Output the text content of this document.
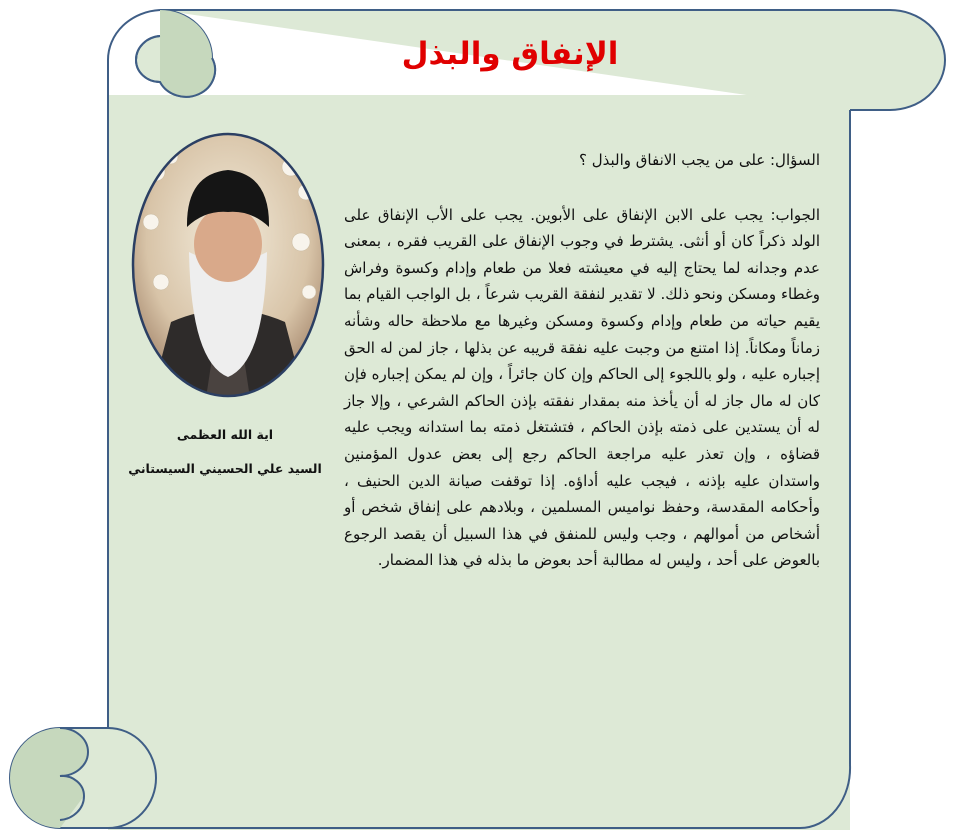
الإنفاق والبذل
اية الله العظمى
السيد علي الحسيني السيستاني

السؤال: على من يجب الانفاق والبذل ؟

الجواب: يجب على الابن الإنفاق على الأبوين. يجب على الأب الإنفاق على الولد ذكراً كان أو أنثى. يشترط في وجوب الإنفاق على القريب فقره ، بمعنى عدم وجدانه لما يحتاج إليه في معيشته فعلا من طعام وإدام وكسوة وفراش وغطاء ومسكن ونحو ذلك. لا تقدير لنفقة القريب شرعاً ، بل الواجب القيام بما يقيم حياته من طعام وإدام وكسوة ومسكن وغيرها مع ملاحظة حاله وشأنه زماناً ومكاناً. إذا امتنع من وجبت عليه نفقة قريبه عن بذلها ، جاز لمن له الحق إجباره عليه ، ولو باللجوء إلى الحاكم وإن كان جائراً ، وإن لم يمكن إجباره فإن كان له مال جاز له أن يأخذ منه بمقدار نفقته بإذن الحاكم الشرعي ، وإلا جاز له أن يستدين على ذمته بإذن الحاكم ، فتشتغل ذمته بما استدانه ويجب عليه قضاؤه ، وإن تعذر عليه مراجعة الحاكم رجع إلى بعض عدول المؤمنين واستدان عليه بإذنه ، فيجب عليه أداؤه. إذا توقفت صيانة الدين الحنيف ، وأحكامه المقدسة، وحفظ نواميس المسلمين ، وبلادهم على إنفاق شخص أو أشخاص من أموالهم ، وجب وليس للمنفق في هذا السبيل أن يقصد الرجوع بالعوض على أحد ، وليس له مطالبة أحد بعوض ما بذله في هذا المضمار.
